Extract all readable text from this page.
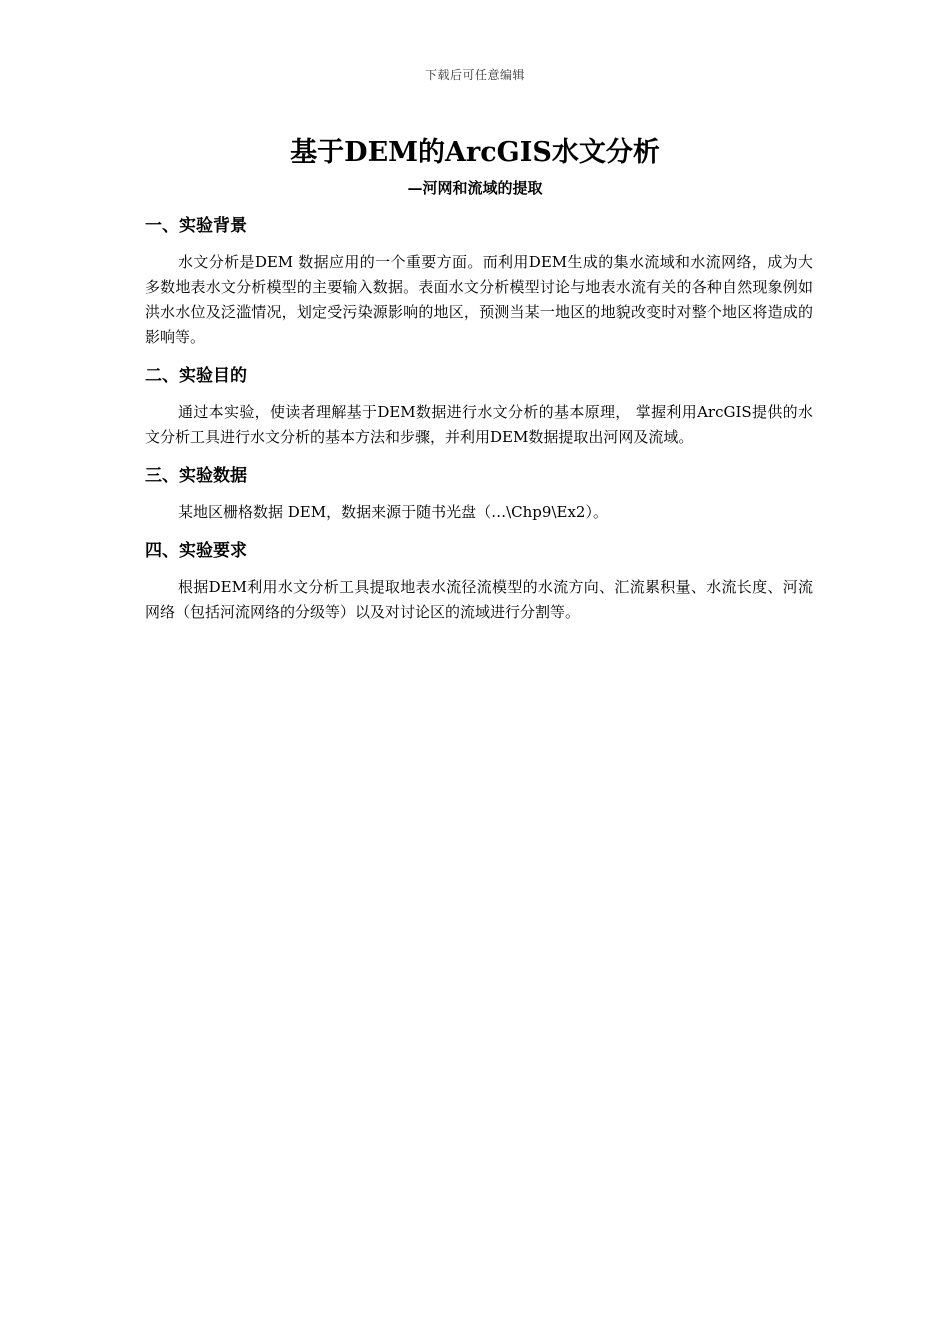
下载后可任意编辑
基于DEM的ArcGIS水文分析
—河网和流域的提取
一、实验背景

水文分析是DEM 数据应用的一个重要方面。而利用DEM生成的集水流域和水流网络，成为大多数地表水文分析模型的主要输入数据。表面水文分析模型讨论与地表水流有关的各种自然现象例如洪水水位及泛滥情况，划定受污染源影响的地区，预测当某一地区的地貌改变时对整个地区将造成的影响等。

二、实验目的

通过本实验，使读者理解基于DEM数据进行水文分析的基本原理， 掌握利用ArcGIS提供的水文分析工具进行水文分析的基本方法和步骤，并利用DEM数据提取出河网及流域。

三、实验数据

某地区栅格数据 DEM，数据来源于随书光盘（…\Chp9\Ex2）。

四、实验要求

根据DEM利用水文分析工具提取地表水流径流模型的水流方向、汇流累积量、水流长度、河流网络（包括河流网络的分级等）以及对讨论区的流域进行分割等。
